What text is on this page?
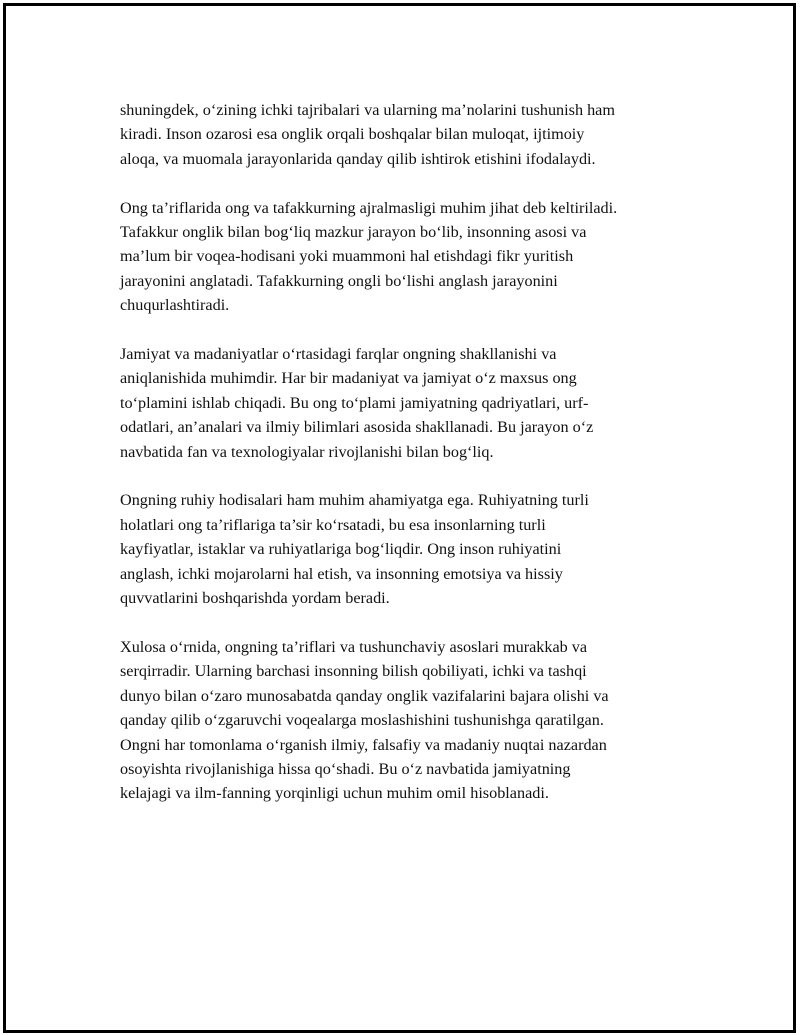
shuningdek, o‘zining ichki tajribalari va ularning ma’nolarini tushunish ham
kiradi. Inson ozarosi esa onglik orqali boshqalar bilan muloqat, ijtimoiy
aloqa, va muomala jarayonlarida qanday qilib ishtirok etishini ifodalaydi.

Ong ta’riflarida ong va tafakkurning ajralmasligi muhim jihat deb keltiriladi.
Tafakkur onglik bilan bog‘liq mazkur jarayon bo‘lib, insonning asosi va
ma’lum bir voqea-hodisani yoki muammoni hal etishdagi fikr yuritish
jarayonini anglatadi. Tafakkurning ongli bo‘lishi anglash jarayonini
chuqurlashtiradi.

Jamiyat va madaniyatlar o‘rtasidagi farqlar ongning shakllanishi va
aniqlanishida muhimdir. Har bir madaniyat va jamiyat o‘z maxsus ong
to‘plamini ishlab chiqadi. Bu ong to‘plami jamiyatning qadriyatlari, urf-
odatlari, an’analari va ilmiy bilimlari asosida shakllanadi. Bu jarayon o‘z
navbatida fan va texnologiyalar rivojlanishi bilan bog‘liq.

Ongning ruhiy hodisalari ham muhim ahamiyatga ega. Ruhiyatning turli
holatlari ong ta’riflariga ta’sir ko‘rsatadi, bu esa insonlarning turli
kayfiyatlar, istaklar va ruhiyatlariga bog‘liqdir. Ong inson ruhiyatini
anglash, ichki mojarolarni hal etish, va insonning emotsiya va hissiy
quvvatlarini boshqarishda yordam beradi.

Xulosa o‘rnida, ongning ta’riflari va tushunchaviy asoslari murakkab va
serqirradir. Ularning barchasi insonning bilish qobiliyati, ichki va tashqi
dunyo bilan o‘zaro munosabatda qanday onglik vazifalarini bajara olishi va
qanday qilib o‘zgaruvchi voqealarga moslashishini tushunishga qaratilgan.
Ongni har tomonlama o‘rganish ilmiy, falsafiy va madaniy nuqtai nazardan
osoyishta rivojlanishiga hissa qo‘shadi. Bu o‘z navbatida jamiyatning
kelajagi va ilm-fanning yorqinligi uchun muhim omil hisoblanadi.
